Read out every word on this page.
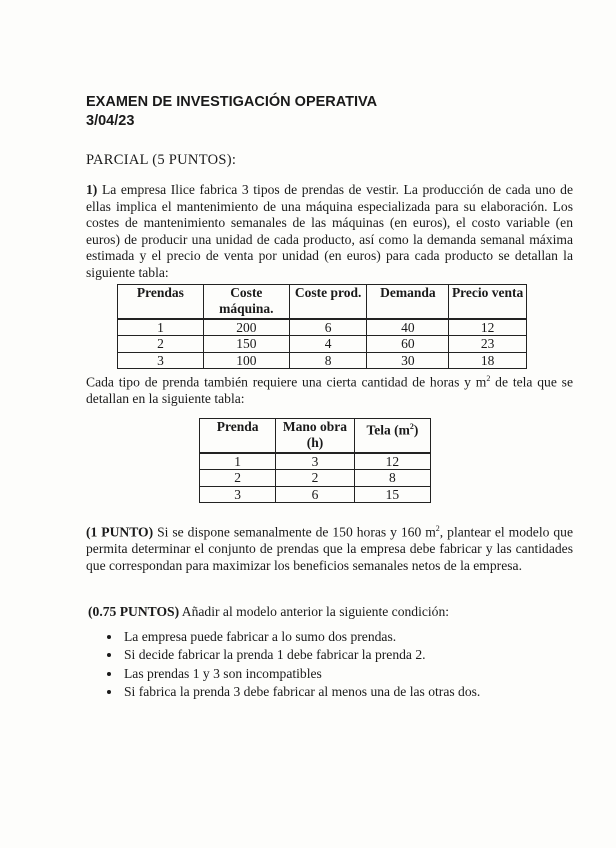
EXAMEN DE INVESTIGACIÓN OPERATIVA
3/04/23
PARCIAL (5 PUNTOS):
1) La empresa Ilice fabrica 3 tipos de prendas de vestir. La producción de cada uno de ellas implica el mantenimiento de una máquina especializada para su elaboración. Los costes de mantenimiento semanales de las máquinas (en euros), el costo variable (en euros) de producir una unidad de cada producto, así como la demanda semanal máxima estimada y el precio de venta por unidad (en euros) para cada producto se detallan la siguiente tabla:
Prendas	Coste máquina.	Coste prod.	Demanda	Precio venta
1	200	6	40	12
2	150	4	60	23
3	100	8	30	18
Cada tipo de prenda también requiere una cierta cantidad de horas y $m^2$ de tela que se detallan en la siguiente tabla:
Prenda	Mano obra (h)	Tela $(m^2)$
1	3	12
2	2	8
3	6	15
(1 PUNTO) Si se dispone semanalmente de 150 horas y 160 $m^2$, plantear el modelo que permita determinar el conjunto de prendas que la empresa debe fabricar y las cantidades que correspondan para maximizar los beneficios semanales netos de la empresa.
(0.75 PUNTOS) Añadir al modelo anterior la siguiente condición:
• La empresa puede fabricar a lo sumo dos prendas.
• Si decide fabricar la prenda 1 debe fabricar la prenda 2.
• Las prendas 1 y 3 son incompatibles
• Si fabrica la prenda 3 debe fabricar al menos una de las otras dos.
